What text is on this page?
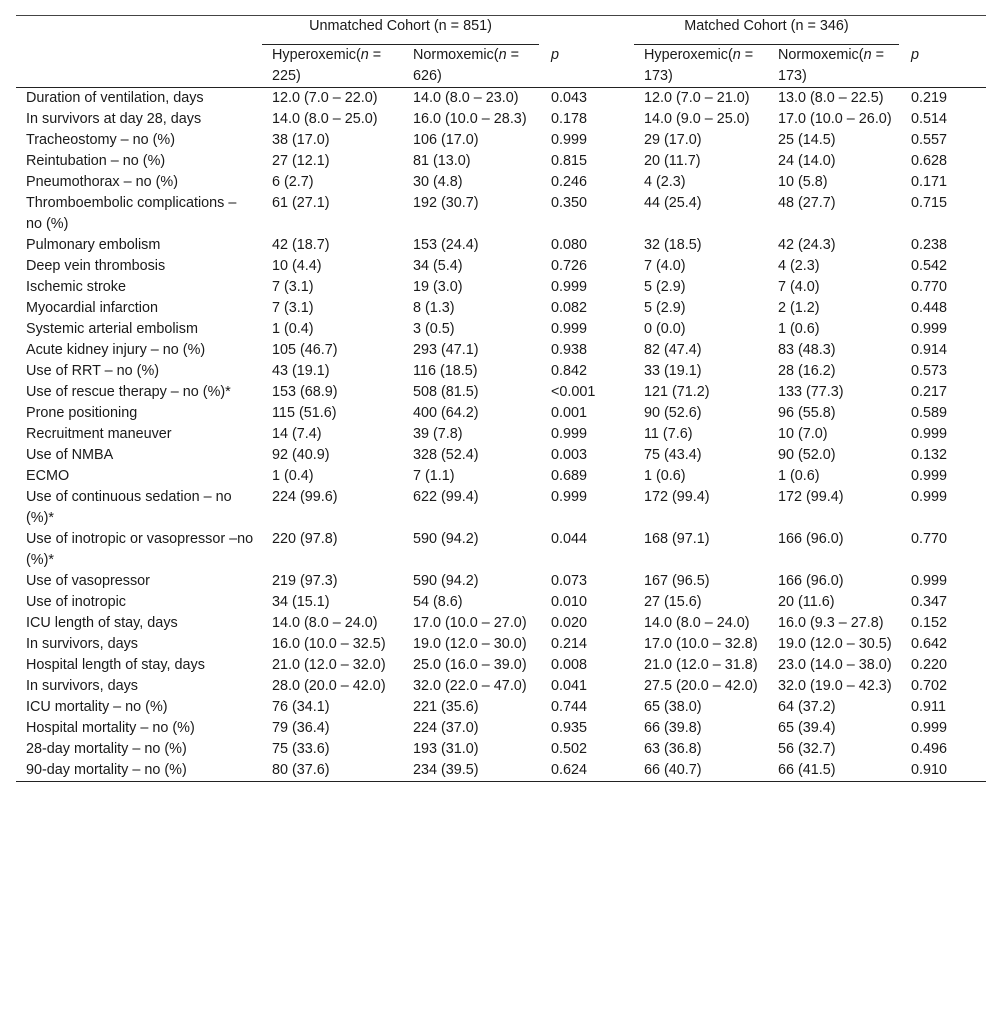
	Unmatched Cohort (n = 851)			Matched Cohort (n = 346)		

	Hyperoxemic(n = 225)	Normoxemic(n = 626)	p	Hyperoxemic(n = 173)	Normoxemic(n = 173)	p
Duration of ventilation, days	12.0 (7.0 – 22.0)	14.0 (8.0 – 23.0)	0.043	12.0 (7.0 – 21.0)	13.0 (8.0 – 22.5)	0.219
In survivors at day 28, days	14.0 (8.0 – 25.0)	16.0 (10.0 – 28.3)	0.178	14.0 (9.0 – 25.0)	17.0 (10.0 – 26.0)	0.514
Tracheostomy – no (%)	38 (17.0)	106 (17.0)	0.999	29 (17.0)	25 (14.5)	0.557
Reintubation – no (%)	27 (12.1)	81 (13.0)	0.815	20 (11.7)	24 (14.0)	0.628
Pneumothorax – no (%)	6 (2.7)	30 (4.8)	0.246	4 (2.3)	10 (5.8)	0.171
Thromboembolic complications – no (%)	61 (27.1)	192 (30.7)	0.350	44 (25.4)	48 (27.7)	0.715
Pulmonary embolism	42 (18.7)	153 (24.4)	0.080	32 (18.5)	42 (24.3)	0.238
Deep vein thrombosis	10 (4.4)	34 (5.4)	0.726	7 (4.0)	4 (2.3)	0.542
Ischemic stroke	7 (3.1)	19 (3.0)	0.999	5 (2.9)	7 (4.0)	0.770
Myocardial infarction	7 (3.1)	8 (1.3)	0.082	5 (2.9)	2 (1.2)	0.448
Systemic arterial embolism	1 (0.4)	3 (0.5)	0.999	0 (0.0)	1 (0.6)	0.999
Acute kidney injury – no (%)	105 (46.7)	293 (47.1)	0.938	82 (47.4)	83 (48.3)	0.914
Use of RRT – no (%)	43 (19.1)	116 (18.5)	0.842	33 (19.1)	28 (16.2)	0.573
Use of rescue therapy – no (%)*	153 (68.9)	508 (81.5)	<0.001	121 (71.2)	133 (77.3)	0.217
Prone positioning	115 (51.6)	400 (64.2)	0.001	90 (52.6)	96 (55.8)	0.589
Recruitment maneuver	14 (7.4)	39 (7.8)	0.999	11 (7.6)	10 (7.0)	0.999
Use of NMBA	92 (40.9)	328 (52.4)	0.003	75 (43.4)	90 (52.0)	0.132
ECMO	1 (0.4)	7 (1.1)	0.689	1 (0.6)	1 (0.6)	0.999
Use of continuous sedation – no (%)*	224 (99.6)	622 (99.4)	0.999	172 (99.4)	172 (99.4)	0.999
Use of inotropic or vasopressor –no (%)*	220 (97.8)	590 (94.2)	0.044	168 (97.1)	166 (96.0)	0.770
Use of vasopressor	219 (97.3)	590 (94.2)	0.073	167 (96.5)	166 (96.0)	0.999
Use of inotropic	34 (15.1)	54 (8.6)	0.010	27 (15.6)	20 (11.6)	0.347
ICU length of stay, days	14.0 (8.0 – 24.0)	17.0 (10.0 – 27.0)	0.020	14.0 (8.0 – 24.0)	16.0 (9.3 – 27.8)	0.152
In survivors, days	16.0 (10.0 – 32.5)	19.0 (12.0 – 30.0)	0.214	17.0 (10.0 – 32.8)	19.0 (12.0 – 30.5)	0.642
Hospital length of stay, days	21.0 (12.0 – 32.0)	25.0 (16.0 – 39.0)	0.008	21.0 (12.0 – 31.8)	23.0 (14.0 – 38.0)	0.220
In survivors, days	28.0 (20.0 – 42.0)	32.0 (22.0 – 47.0)	0.041	27.5 (20.0 – 42.0)	32.0 (19.0 – 42.3)	0.702
ICU mortality – no (%)	76 (34.1)	221 (35.6)	0.744	65 (38.0)	64 (37.2)	0.911
Hospital mortality – no (%)	79 (36.4)	224 (37.0)	0.935	66 (39.8)	65 (39.4)	0.999
28-day mortality – no (%)	75 (33.6)	193 (31.0)	0.502	63 (36.8)	56 (32.7)	0.496
90-day mortality – no (%)	80 (37.6)	234 (39.5)	0.624	66 (40.7)	66 (41.5)	0.910
